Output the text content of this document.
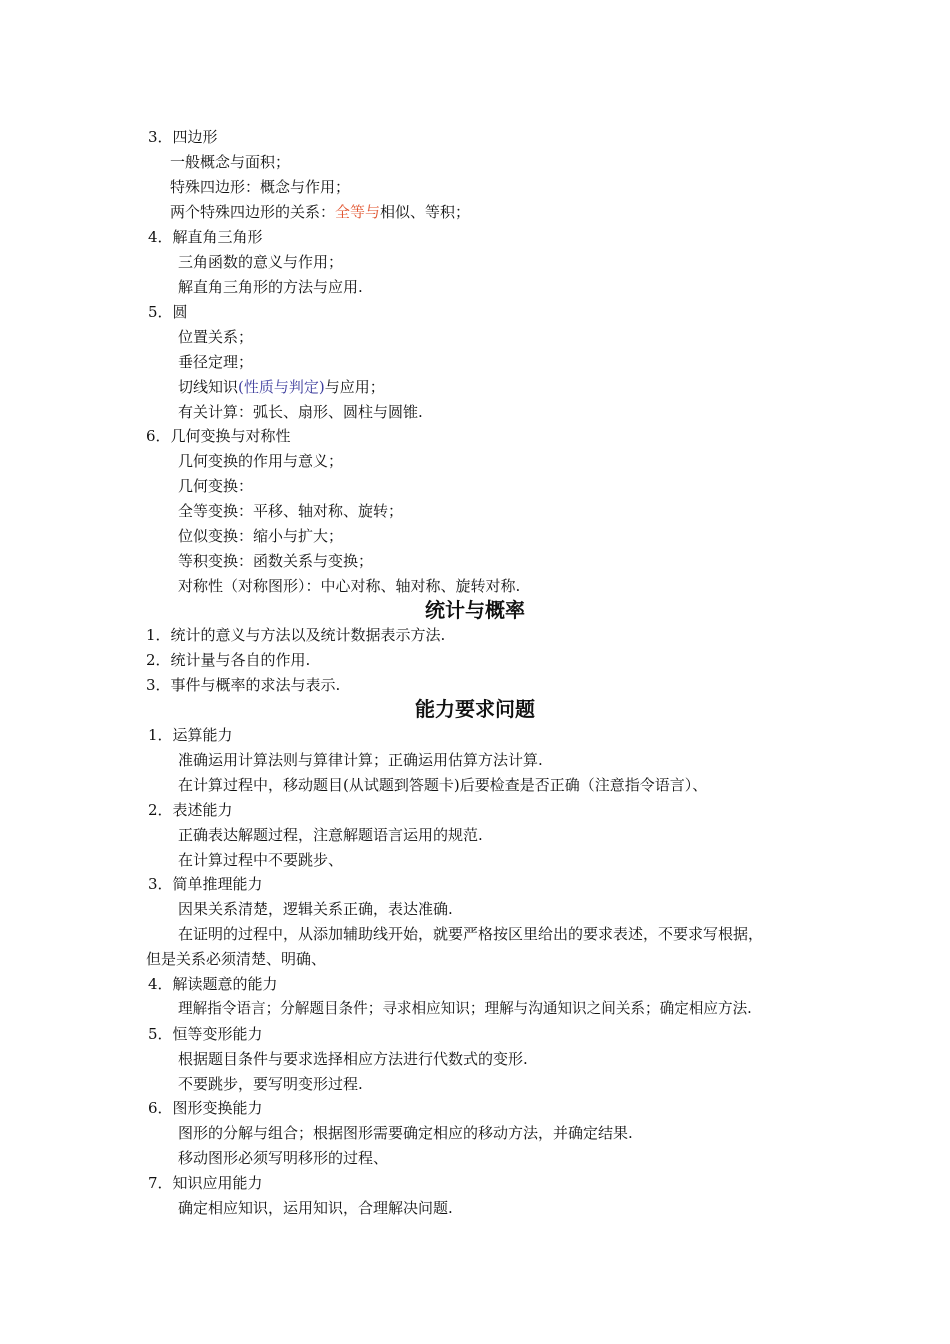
3．四边形
一般概念与面积；
特殊四边形：概念与作用；
两个特殊四边形的关系：全等与相似、等积；
4．解直角三角形
三角函数的意义与作用；
解直角三角形的方法与应用.
5．圆
位置关系；
垂径定理；
切线知识(性质与判定)与应用；
有关计算：弧长、扇形、圆柱与圆锥.
6．几何变换与对称性
几何变换的作用与意义；
几何变换：
全等变换：平移、轴对称、旋转；
位似变换：缩小与扩大；
等积变换：函数关系与变换；
对称性（对称图形）：中心对称、轴对称、旋转对称.
统计与概率
1．统计的意义与方法以及统计数据表示方法.
2．统计量与各自的作用.
3．事件与概率的求法与表示.
能力要求问题
1．运算能力
准确运用计算法则与算律计算；正确运用估算方法计算.
在计算过程中，移动题目(从试题到答题卡)后要检查是否正确（注意指令语言）、
2．表述能力
正确表达解题过程，注意解题语言运用的规范.
在计算过程中不要跳步、
3．简单推理能力
因果关系清楚，逻辑关系正确，表达准确.
在证明的过程中，从添加辅助线开始，就要严格按区里给出的要求表述，不要求写根据，
但是关系必须清楚、明确、
4．解读题意的能力
理解指令语言；分解题目条件；寻求相应知识；理解与沟通知识之间关系；确定相应方法.
5．恒等变形能力
根据题目条件与要求选择相应方法进行代数式的变形.
不要跳步，要写明变形过程.
6．图形变换能力
图形的分解与组合；根据图形需要确定相应的移动方法，并确定结果.
移动图形必须写明移形的过程、
7．知识应用能力
确定相应知识，运用知识，合理解决问题.
